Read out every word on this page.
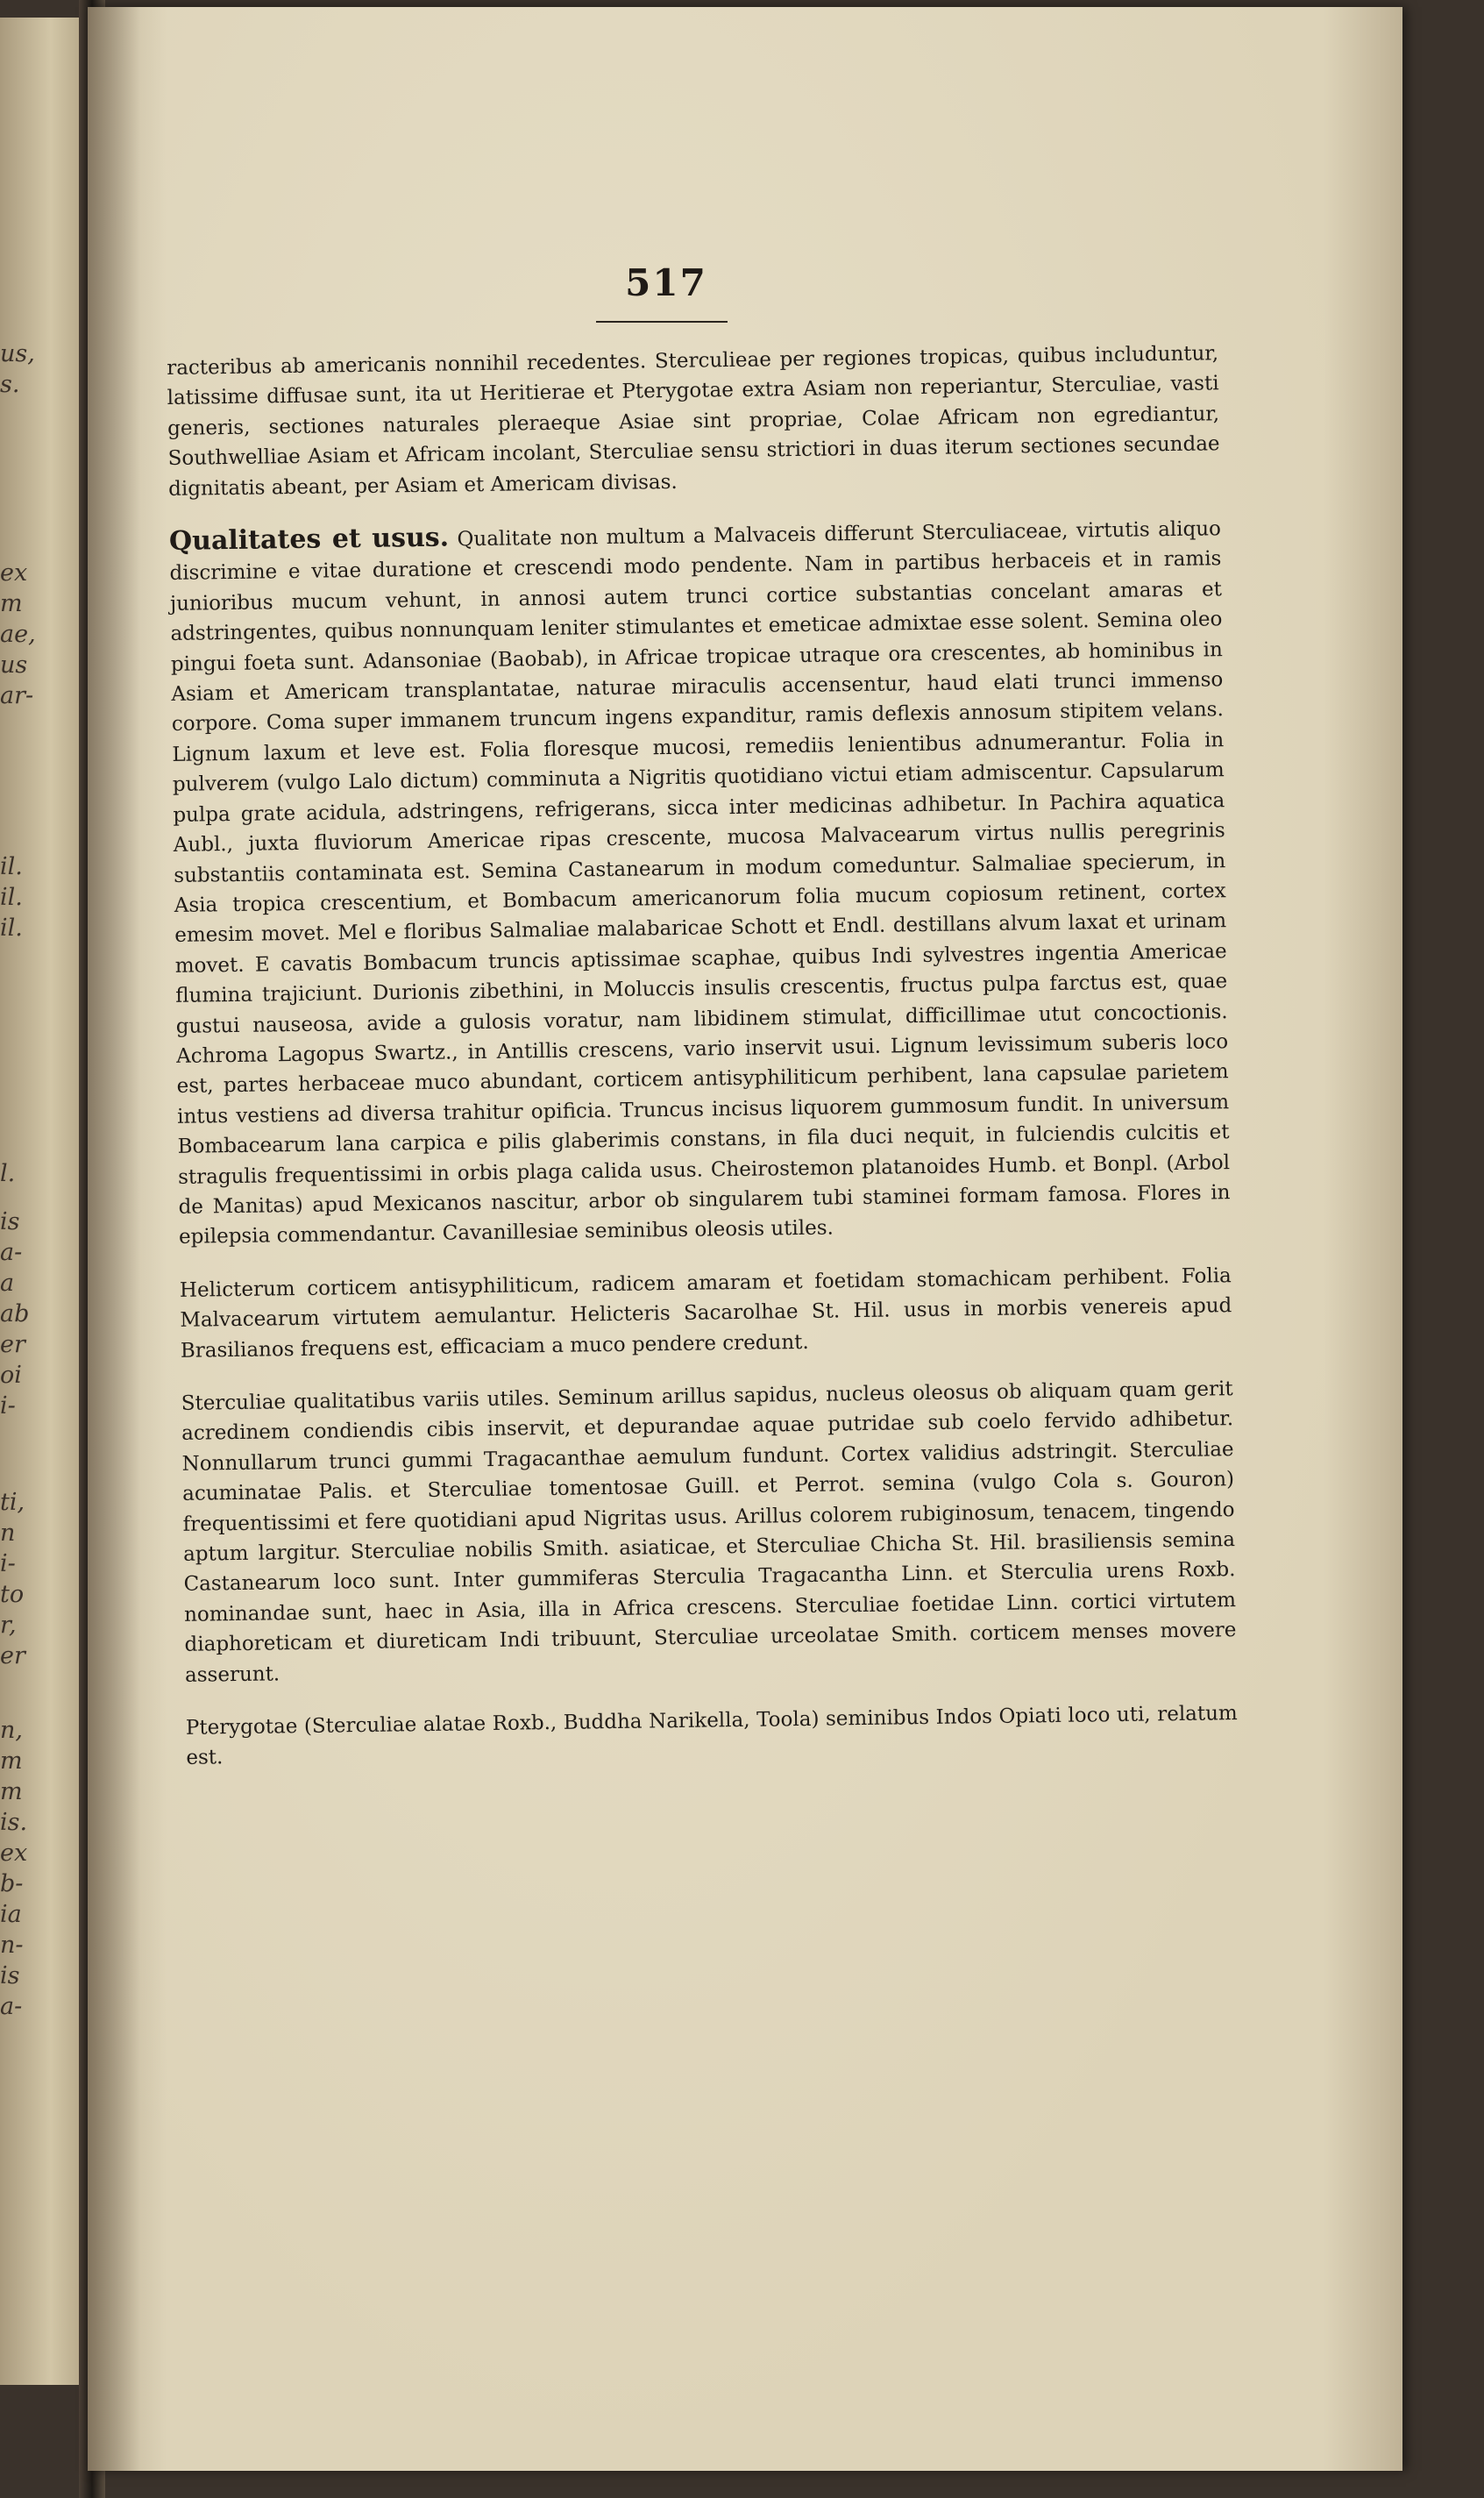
us,
s.
ex
m
ae,
us
ar-
il.
il.
il.
l.
is
a-
a
ab
er
oi
i-
ti,
n
i-
to
r,
er
n,
m
m
is.
ex
b-
ia
n-
is
a-
517

racteribus ab americanis nonnihil recedentes. Sterculieae per regiones tropicas, quibus includuntur, latissime diffusae sunt, ita ut Heritierae et Pterygotae extra Asiam non reperiantur, Sterculiae, vasti generis, sectiones naturales pleraeque Asiae sint propriae, Colae Africam non egrediantur, Southwelliae Asiam et Africam incolant, Sterculiae sensu strictiori in duas iterum sectiones secundae dignitatis abeant, per Asiam et Americam divisas.

Qualitates et usus. Qualitate non multum a Malvaceis differunt Sterculiaceae, virtutis aliquo discrimine e vitae duratione et crescendi modo pendente. Nam in partibus herbaceis et in ramis junioribus mucum vehunt, in annosi autem trunci cortice substantias concelant amaras et adstringentes, quibus nonnunquam leniter stimulantes et emeticae admixtae esse solent. Semina oleo pingui foeta sunt. Adansoniae (Baobab), in Africae tropicae utraque ora crescentes, ab hominibus in Asiam et Americam transplantatae, naturae miraculis accensentur, haud elati trunci immenso corpore. Coma super immanem truncum ingens expanditur, ramis deflexis annosum stipitem velans. Lignum laxum et leve est. Folia floresque mucosi, remediis lenientibus adnumerantur. Folia in pulverem (vulgo Lalo dictum) comminuta a Nigritis quotidiano victui etiam admiscentur. Capsularum pulpa grate acidula, adstringens, refrigerans, sicca inter medicinas adhibetur. In Pachira aquatica Aubl., juxta fluviorum Americae ripas crescente, mucosa Malvacearum virtus nullis peregrinis substantiis contaminata est. Semina Castanearum in modum comeduntur. Salmaliae specierum, in Asia tropica crescentium, et Bombacum americanorum folia mucum copiosum retinent, cortex emesim movet. Mel e floribus Salmaliae malabaricae Schott et Endl. destillans alvum laxat et urinam movet. E cavatis Bombacum truncis aptissimae scaphae, quibus Indi sylvestres ingentia Americae flumina trajiciunt. Durionis zibethini, in Moluccis insulis crescentis, fructus pulpa farctus est, quae gustui nauseosa, avide a gulosis voratur, nam libidinem stimulat, difficillimae utut concoctionis. Achroma Lagopus Swartz., in Antillis crescens, vario inservit usui. Lignum levissimum suberis loco est, partes herbaceae muco abundant, corticem antisyphiliticum perhibent, lana capsulae parietem intus vestiens ad diversa trahitur opificia. Truncus incisus liquorem gummosum fundit. In universum Bombacearum lana carpica e pilis glaberimis constans, in fila duci nequit, in fulciendis culcitis et stragulis frequentissimi in orbis plaga calida usus. Cheirostemon platanoides Humb. et Bonpl. (Arbol de Manitas) apud Mexicanos nascitur, arbor ob singularem tubi staminei formam famosa. Flores in epilepsia commendantur. Cavanillesiae seminibus oleosis utiles.

Helicterum corticem antisyphiliticum, radicem amaram et foetidam stomachicam perhibent. Folia Malvacearum virtutem aemulantur. Helicteris Sacarolhae St. Hil. usus in morbis venereis apud Brasilianos frequens est, efficaciam a muco pendere credunt.

Sterculiae qualitatibus variis utiles. Seminum arillus sapidus, nucleus oleosus ob aliquam quam gerit acredinem condiendis cibis inservit, et depurandae aquae putridae sub coelo fervido adhibetur. Nonnullarum trunci gummi Tragacanthae aemulum fundunt. Cortex validius adstringit. Sterculiae acuminatae Palis. et Sterculiae tomentosae Guill. et Perrot. semina (vulgo Cola s. Gouron) frequentissimi et fere quotidiani apud Nigritas usus. Arillus colorem rubiginosum, tenacem, tingendo aptum largitur. Sterculiae nobilis Smith. asiaticae, et Sterculiae Chicha St. Hil. brasiliensis semina Castanearum loco sunt. Inter gummiferas Sterculia Tragacantha Linn. et Sterculia urens Roxb. nominandae sunt, haec in Asia, illa in Africa crescens. Sterculiae foetidae Linn. cortici virtutem diaphoreticam et diureticam Indi tribuunt, Sterculiae urceolatae Smith. corticem menses movere asserunt.

Pterygotae (Sterculiae alatae Roxb., Buddha Narikella, Toola) seminibus Indos Opiati loco uti, relatum est.
